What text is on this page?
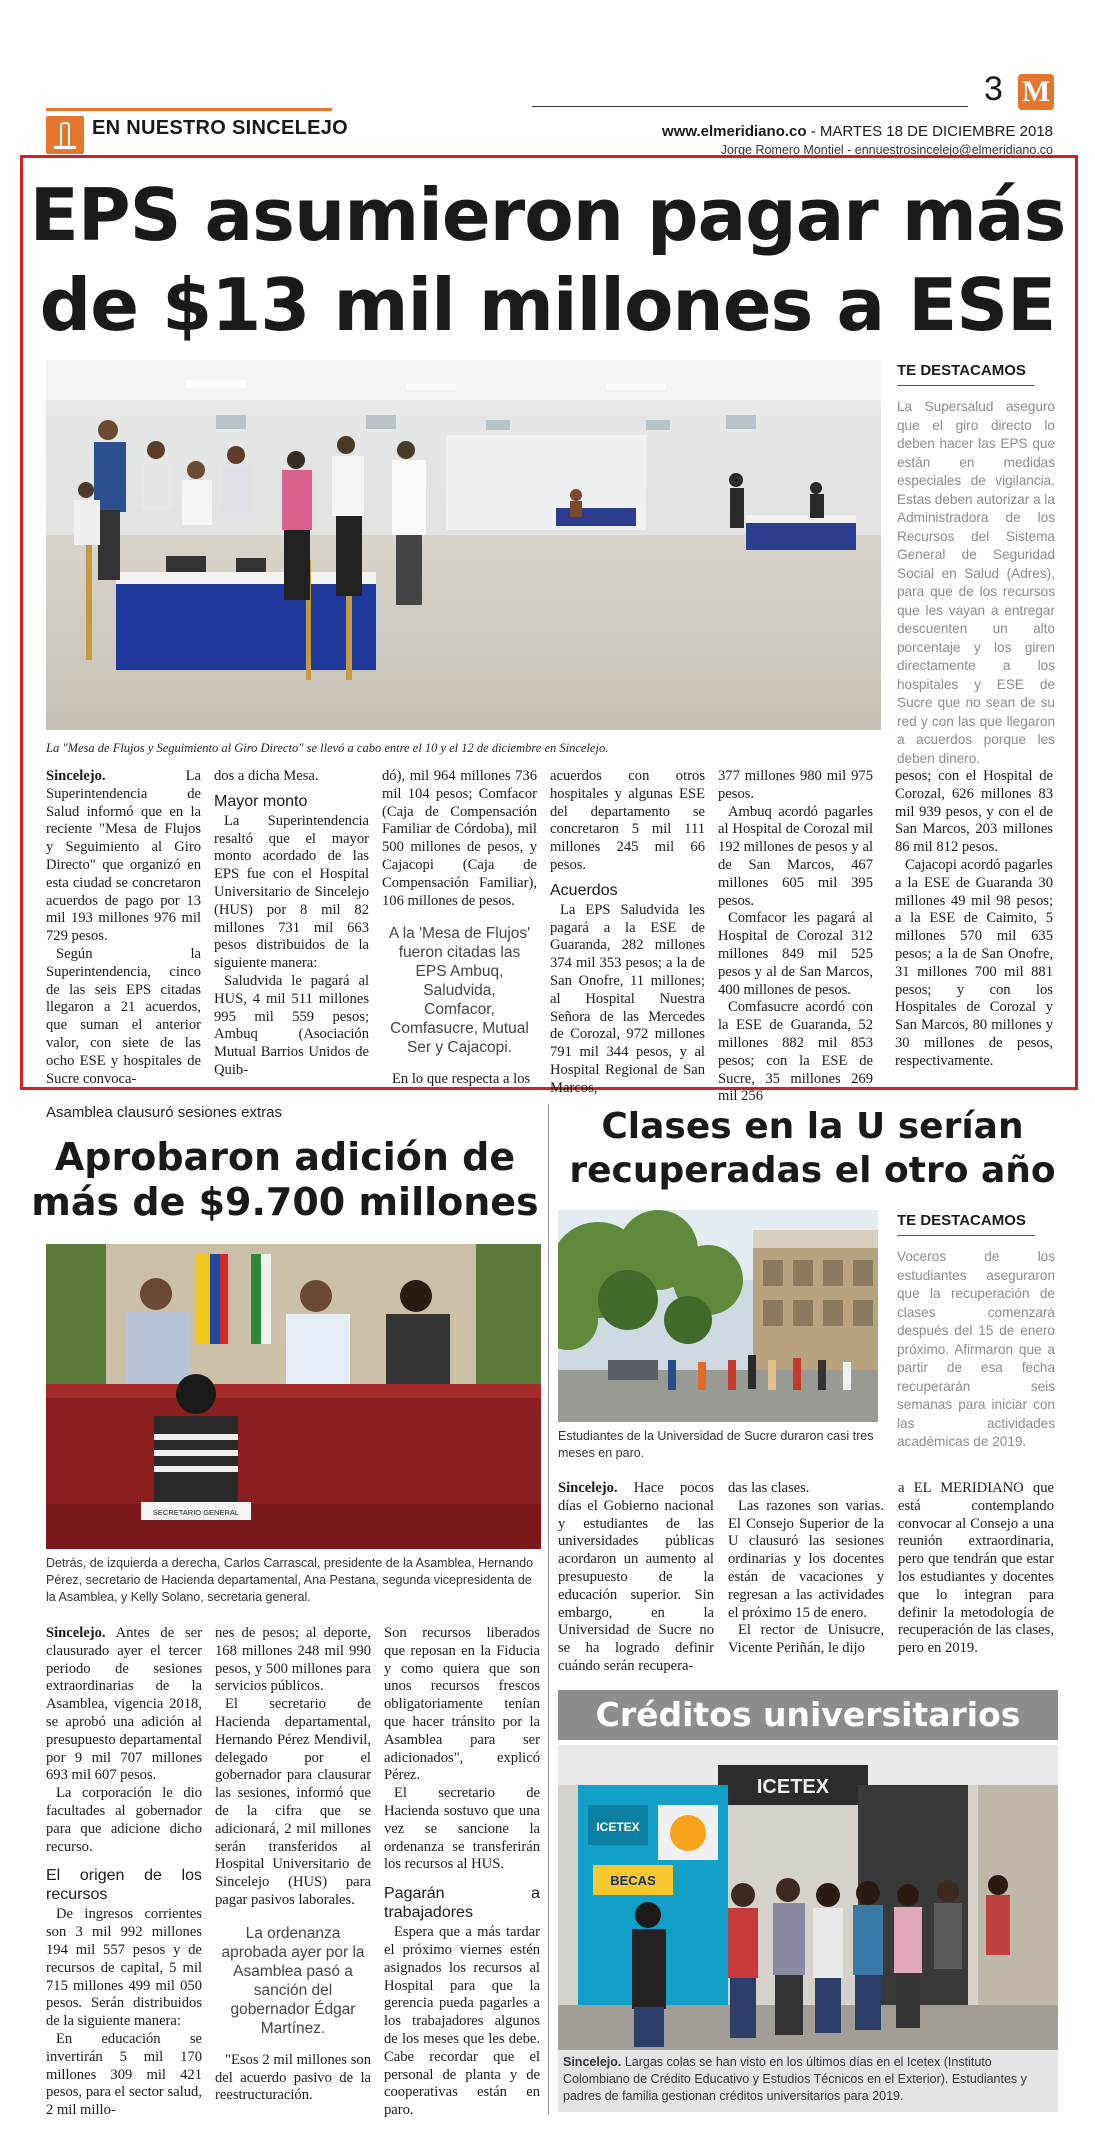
EN NUESTRO SINCELEJO
3 M
www.elmeridiano.co - MARTES 18 DE DICIEMBRE 2018
Jorge Romero Montiel - ennuestrosincelejo@elmeridiano.co
EPS asumieron pagar más
de $13 mil millones a ESE
La "Mesa de Flujos y Seguimiento al Giro Directo" se llevó a cabo entre el 10 y el 12 de diciembre en Sincelejo.
TE DESTACAMOS
La Supersalud aseguro que el giro directo lo deben hacer las EPS que están en medidas especiales de vigilancia. Estas deben autorizar a la Administradora de los Recursos del Sistema General de Seguridad Social en Salud (Adres), para que de los recursos que les vayan a entregar descuenten un alto porcentaje y los giren directamente a los hospitales y ESE de Sucre que no sean de su red y con las que llegaron a acuerdos porque les deben dinero.

Sincelejo. La Superintendencia de Salud informó que en la reciente "Mesa de Flujos y Seguimiento al Giro Directo" que organizó en esta ciudad se concretaron acuerdos de pago por 13 mil 193 millones 976 mil 729 pesos.

Según la Superintendencia, cinco de las seis EPS citadas llegaron a 21 acuerdos, que suman el anterior valor, con siete de las ocho ESE y hospitales de Sucre convoca-

dos a dicha Mesa.

Mayor monto

La Superintendencia resaltó que el mayor monto acordado de las EPS fue con el Hospital Universitario de Sincelejo (HUS) por 8 mil 82 millones 731 mil 663 pesos distribuidos de la siguiente manera:

Saludvida le pagará al HUS, 4 mil 511 millones 995 mil 559 pesos; Ambuq (Asociación Mutual Barrios Unidos de Quib-

dó), mil 964 millones 736 mil 104 pesos; Comfacor (Caja de Compensación Familiar de Córdoba), mil 500 millones de pesos, y Cajacopi (Caja de Compensación Familiar), 106 millones de pesos.

A la 'Mesa de Flujos' fueron citadas las EPS Ambuq, Saludvida, Comfacor, Comfasucre, Mutual Ser y Cajacopi.

En lo que respecta a los

acuerdos con otros hospitales y algunas ESE del departamento se concretaron 5 mil 111 millones 245 mil 66 pesos.

Acuerdos

La EPS Saludvida les pagará a la ESE de Guaranda, 282 millones 374 mil 353 pesos; a la de San Onofre, 11 millones; al Hospital Nuestra Señora de las Mercedes de Corozal, 972 millones 791 mil 344 pesos, y al Hospital Regional de San Marcos,

377 millones 980 mil 975 pesos.

Ambuq acordó pagarles al Hospital de Corozal mil 192 millones de pesos y al de San Marcos, 467 millones 605 mil 395 pesos.

Comfacor les pagará al Hospital de Corozal 312 millones 849 mil 525 pesos y al de San Marcos, 400 millones de pesos.

Comfasucre acordó con la ESE de Guaranda, 52 millones 882 mil 853 pesos; con la ESE de Sucre, 35 millones 269 mil 256

pesos; con el Hospital de Corozal, 626 millones 83 mil 939 pesos, y con el de San Marcos, 203 millones 86 mil 812 pesos.

Cajacopi acordó pagarles a la ESE de Guaranda 30 millones 49 mil 98 pesos; a la ESE de Caimito, 5 millones 570 mil 635 pesos; a la de San Onofre, 31 millones 700 mil 881 pesos; y con los Hospitales de Corozal y San Marcos, 80 millones y 30 millones de pesos, respectivamente.

Asamblea clausuró sesiones extras
Aprobaron adición de
más de $9.700 millones
SECRETARIO GENERAL
Detrás, de izquierda a derecha, Carlos Carrascal, presidente de la Asamblea, Hernando Pérez, secretario de Hacienda departamental, Ana Pestana, segunda vicepresidenta de la Asamblea, y Kelly Solano, secretaria general.

Sincelejo. Antes de ser clausurado ayer el tercer periodo de sesiones extraordinarias de la Asamblea, vigencia 2018, se aprobó una adición al presupuesto departamental por 9 mil 707 millones 693 mil 607 pesos.

La corporación le dio facultades al gobernador para que adicione dicho recurso.

El origen de los recursos

De ingresos corrientes son 3 mil 992 millones 194 mil 557 pesos y de recursos de capital, 5 mil 715 millones 499 mil 050 pesos. Serán distribuidos de la siguiente manera:

En educación se invertirán 5 mil 170 millones 309 mil 421 pesos, para el sector salud, 2 mil millo-

nes de pesos; al deporte, 168 millones 248 mil 990 pesos, y 500 millones para servicios públicos.

El secretario de Hacienda departamental, Hernando Pérez Mendivil, delegado por el gobernador para clausurar las sesiones, informó que de la cifra que se adicionará, 2 mil millones serán transferidos al Hospital Universitario de Sincelejo (HUS) para pagar pasivos laborales.

La ordenanza aprobada ayer por la Asamblea pasó a sanción del gobernador Édgar Martínez.

"Esos 2 mil millones son del acuerdo pasivo de la reestructuración.

Son recursos liberados que reposan en la Fiducia y como quiera que son unos recursos frescos obligatoriamente tenían que hacer tránsito por la Asamblea para ser adicionados", explicó Pérez.

El secretario de Hacienda sostuvo que una vez se sancione la ordenanza se transferirán los recursos al HUS.

Pagarán a trabajadores

Espera que a más tardar el próximo viernes estén asignados los recursos al Hospital para que la gerencia pueda pagarles a los trabajadores algunos de los meses que les debe. Cabe recordar que el personal de planta y de cooperativas están en paro.

Clases en la U serían
recuperadas el otro año
Estudiantes de la Universidad de Sucre duraron casi tres meses en paro.
TE DESTACAMOS
Voceros de los estudiantes aseguraron que la recuperación de clases comenzará después del 15 de enero próximo. Afirmaron que a partir de esa fecha recuperarán seis semanas para iniciar con las actividades académicas de 2019.

Sincelejo. Hace pocos días el Gobierno nacional y estudiantes de las universidades públicas acordaron un aumento al presupuesto de la educación superior. Sin embargo, en la Universidad de Sucre no se ha logrado definir cuándo serán recupera-

das las clases.

Las razones son varias. El Consejo Superior de la U clausuró las sesiones ordinarias y los docentes están de vacaciones y regresan a las actividades el próximo 15 de enero.

El rector de Unisucre, Vicente Periñán, le dijo

a EL MERIDIANO que está contemplando convocar al Consejo a una reunión extraordinaria, pero que tendrán que estar los estudiantes y docentes que lo integran para definir la metodología de recuperación de las clases, pero en 2019.

Créditos universitarios
ICETEX
ICETEX
BECAS
Sincelejo. Largas colas se han visto en los últimos días en el Icetex (Instituto Colombiano de Crédito Educativo y Estudios Técnicos en el Exterior). Estudiantes y padres de familia gestionan créditos universitarios para 2019.
